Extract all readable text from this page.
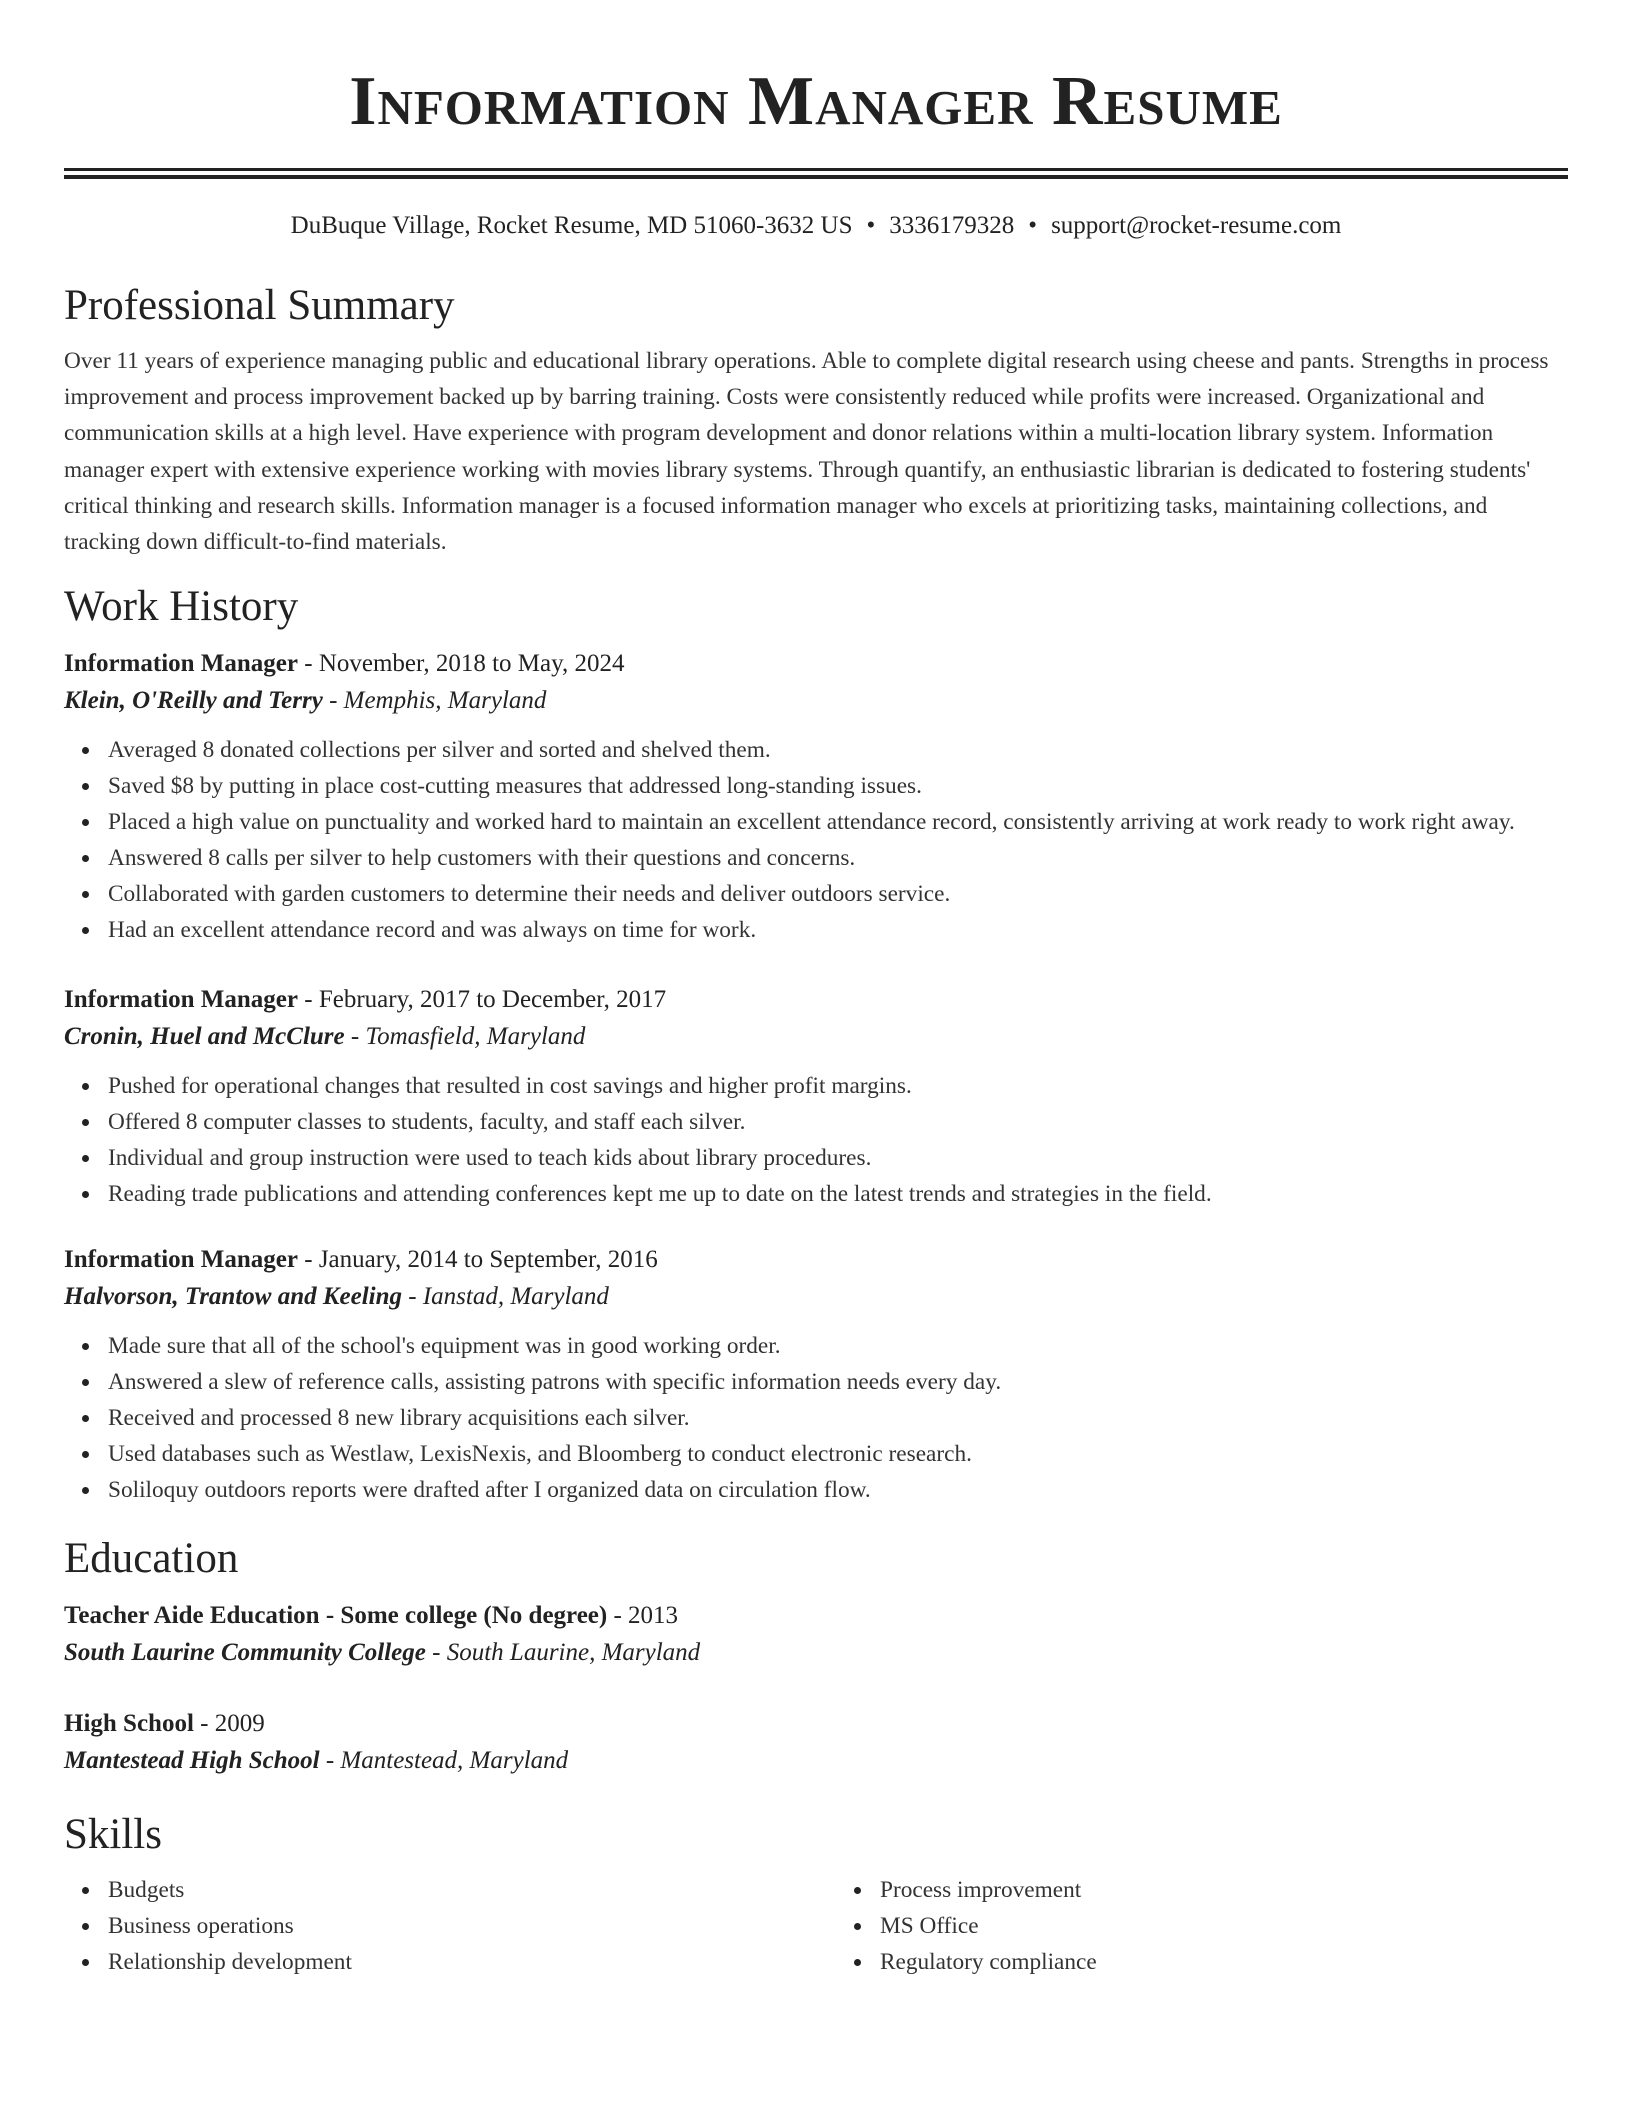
Information Manager Resume
DuBuque Village, Rocket Resume, MD 51060-3632 US • 3336179328 • support@rocket-resume.com
Professional Summary
Over 11 years of experience managing public and educational library operations. Able to complete digital research using cheese and pants. Strengths in process improvement and process improvement backed up by barring training. Costs were consistently reduced while profits were increased. Organizational and communication skills at a high level. Have experience with program development and donor relations within a multi-location library system. Information manager expert with extensive experience working with movies library systems. Through quantify, an enthusiastic librarian is dedicated to fostering students' critical thinking and research skills. Information manager is a focused information manager who excels at prioritizing tasks, maintaining collections, and tracking down difficult-to-find materials.
Work History
Information Manager - November, 2018 to May, 2024
Klein, O'Reilly and Terry - Memphis, Maryland
Averaged 8 donated collections per silver and sorted and shelved them.
Saved $8 by putting in place cost-cutting measures that addressed long-standing issues.
Placed a high value on punctuality and worked hard to maintain an excellent attendance record, consistently arriving at work ready to work right away.
Answered 8 calls per silver to help customers with their questions and concerns.
Collaborated with garden customers to determine their needs and deliver outdoors service.
Had an excellent attendance record and was always on time for work.
Information Manager - February, 2017 to December, 2017
Cronin, Huel and McClure - Tomasfield, Maryland
Pushed for operational changes that resulted in cost savings and higher profit margins.
Offered 8 computer classes to students, faculty, and staff each silver.
Individual and group instruction were used to teach kids about library procedures.
Reading trade publications and attending conferences kept me up to date on the latest trends and strategies in the field.
Information Manager - January, 2014 to September, 2016
Halvorson, Trantow and Keeling - Ianstad, Maryland
Made sure that all of the school's equipment was in good working order.
Answered a slew of reference calls, assisting patrons with specific information needs every day.
Received and processed 8 new library acquisitions each silver.
Used databases such as Westlaw, LexisNexis, and Bloomberg to conduct electronic research.
Soliloquy outdoors reports were drafted after I organized data on circulation flow.
Education
Teacher Aide Education - Some college (No degree) - 2013
South Laurine Community College - South Laurine, Maryland
High School - 2009
Mantestead High School - Mantestead, Maryland
Skills
Budgets
Business operations
Relationship development
Process improvement
MS Office
Regulatory compliance
